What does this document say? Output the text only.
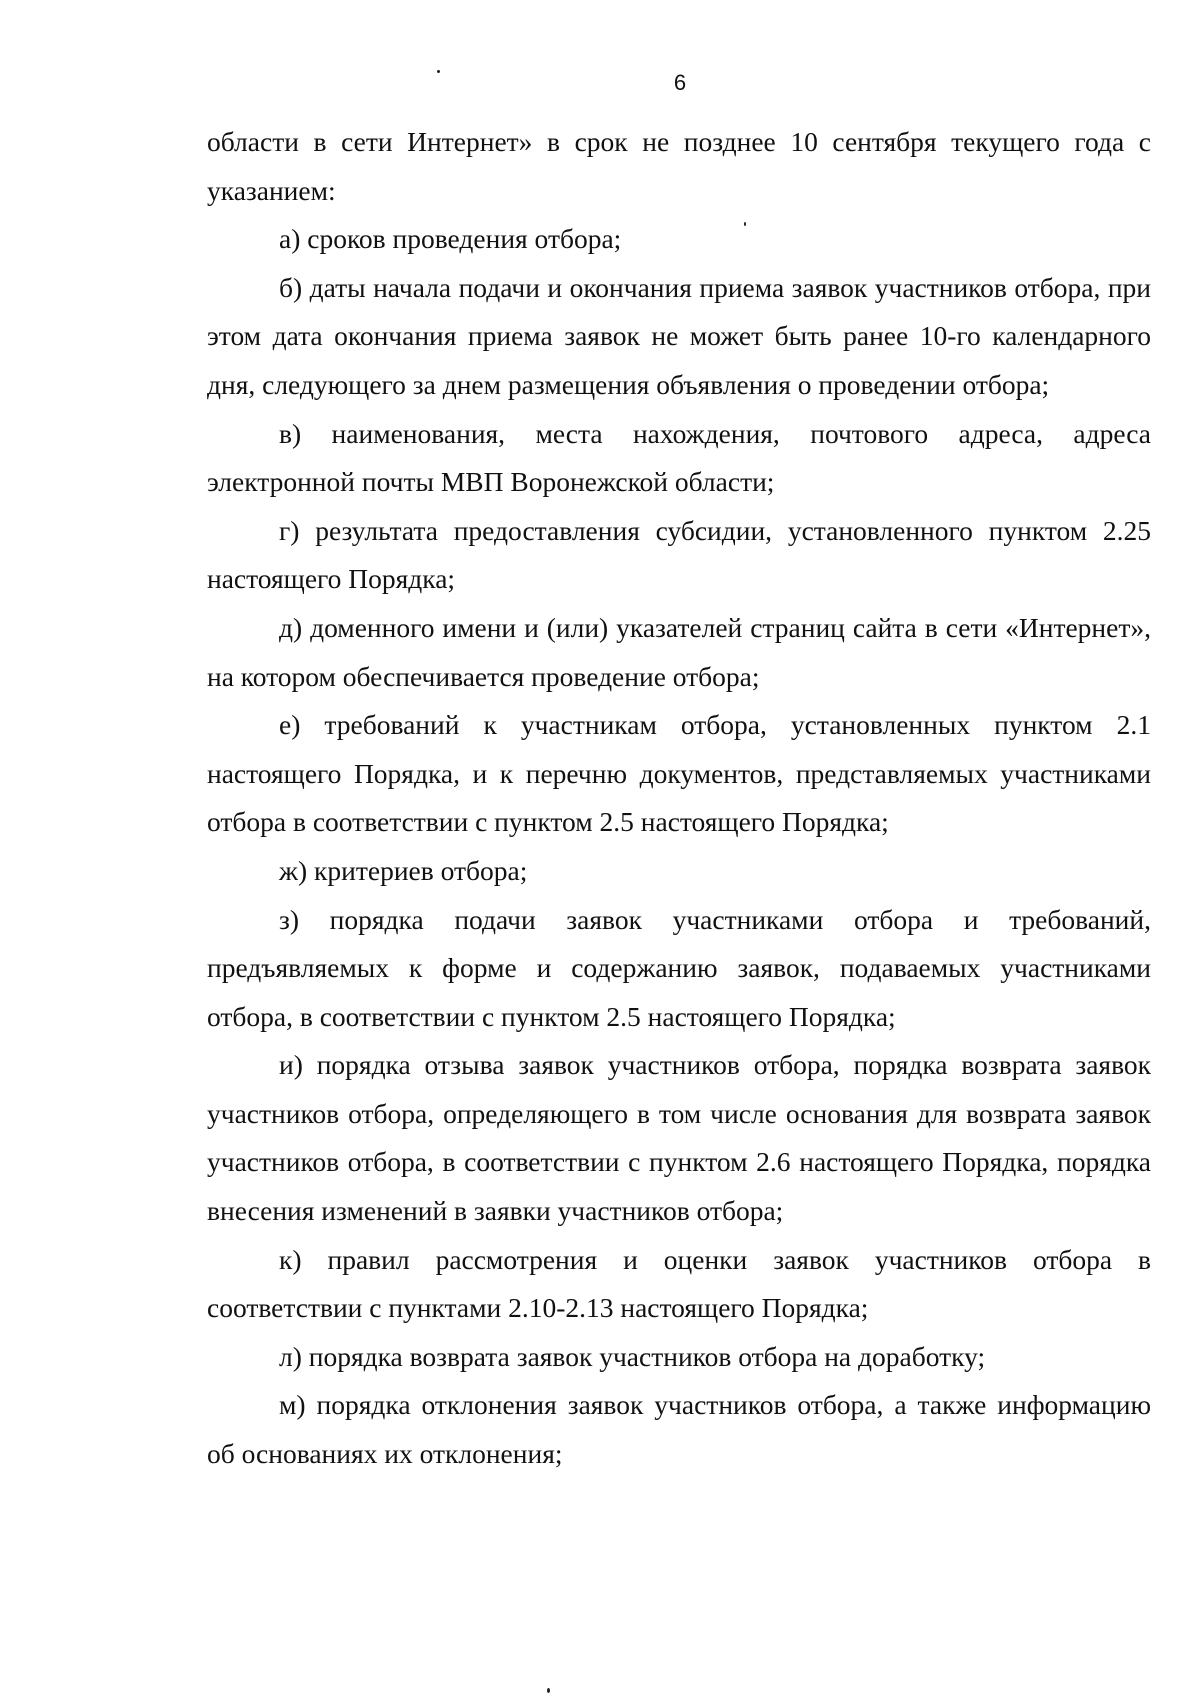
6

области в сети Интернет» в срок не позднее 10 сентября текущего года с указанием:

а) сроков проведения отбора;

б) даты начала подачи и окончания приема заявок участников отбора, при этом дата окончания приема заявок не может быть ранее 10-го календарного дня, следующего за днем размещения объявления о проведении отбора;

в) наименования, места нахождения, почтового адреса, адреса электронной почты МВП Воронежской области;

г) результата предоставления субсидии, установленного пунктом 2.25 настоящего Порядка;

д) доменного имени и (или) указателей страниц сайта в сети «Интернет», на котором обеспечивается проведение отбора;

е) требований к участникам отбора, установленных пунктом 2.1 настоящего Порядка, и к перечню документов, представляемых участниками отбора в соответствии с пунктом 2.5 настоящего Порядка;

ж) критериев отбора;

з) порядка подачи заявок участниками отбора и требований, предъявляемых к форме и содержанию заявок, подаваемых участниками отбора, в соответствии с пунктом 2.5 настоящего Порядка;

и) порядка отзыва заявок участников отбора, порядка возврата заявок участников отбора, определяющего в том числе основания для возврата заявок участников отбора, в соответствии с пунктом 2.6 настоящего Порядка, порядка внесения изменений в заявки участников отбора;

к) правил рассмотрения и оценки заявок участников отбора в соответствии с пунктами 2.10-2.13 настоящего Порядка;

л) порядка возврата заявок участников отбора на доработку;

м) порядка отклонения заявок участников отбора, а также информацию об основаниях их отклонения;
